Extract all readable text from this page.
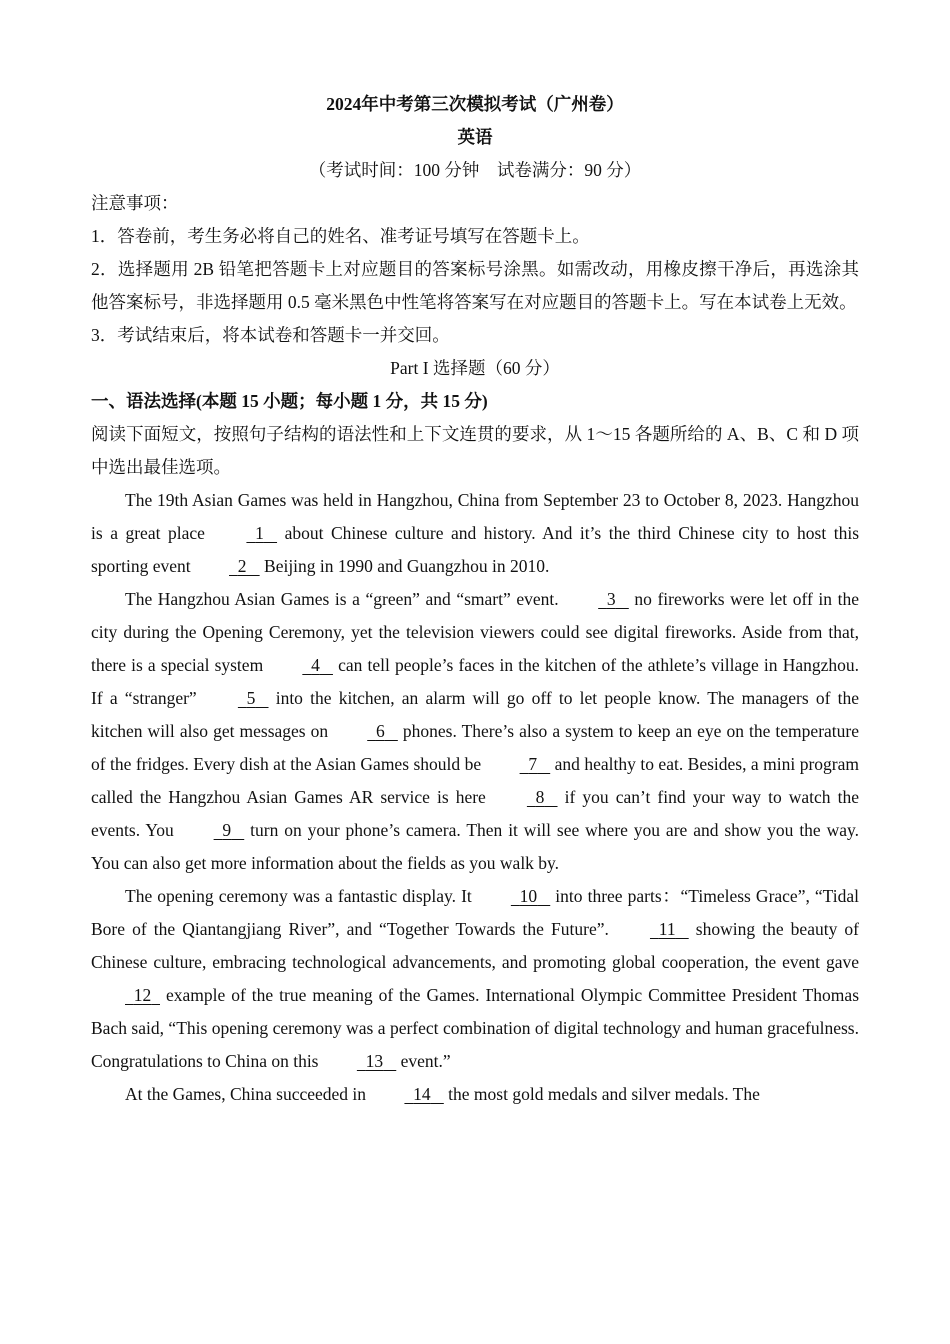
2024年中考第三次模拟考试（广州卷）

英语

（考试时间：100 分钟    试卷满分：90 分）

注意事项：

1．答卷前，考生务必将自己的姓名、准考证号填写在答题卡上。

2．选择题用 2B 铅笔把答题卡上对应题目的答案标号涂黑。如需改动，用橡皮擦干净后，再选涂其他答案标号，非选择题用 0.5 毫米黑色中性笔将答案写在对应题目的答题卡上。写在本试卷上无效。

3．考试结束后，将本试卷和答题卡一并交回。

Part I 选择题（60 分）

一、语法选择(本题 15 小题；每小题 1 分，共 15 分)

阅读下面短文，按照句子结构的语法性和上下文连贯的要求，从 1～15 各题所给的 A、B、C 和 D 项中选出最佳选项。

The 19th Asian Games was held in Hangzhou, China from September 23 to October 8, 2023. Hangzhou is a great place   1    about Chinese culture and history. And it’s the third Chinese city to host this sporting event   2    Beijing in 1990 and Guangzhou in 2010.

The Hangzhou Asian Games is a “green” and “smart” event.   3    no fireworks were let off in the city during the Opening Ceremony, yet the television viewers could see digital fireworks. Aside from that, there is a special system   4    can tell people’s faces in the kitchen of the athlete’s village in Hangzhou. If a “stranger”   5    into the kitchen, an alarm will go off to let people know. The managers of the kitchen will also get messages on   6    phones. There’s also a system to keep an eye on the temperature of the fridges. Every dish at the Asian Games should be   7    and healthy to eat. Besides, a mini program called the Hangzhou Asian Games AR service is here   8    if you can’t find your way to watch the events. You   9    turn on your phone’s camera. Then it will see where you are and show you the way. You can also get more information about the fields as you walk by.

The opening ceremony was a fantastic display. It   10    into three parts：“Timeless Grace”, “Tidal Bore of the Qiantangjiang River”, and “Together Towards the Future”.   11    showing the beauty of Chinese culture, embracing technological advancements, and promoting global cooperation, the event gave   12   example of the true meaning of the Games. International Olympic Committee President Thomas Bach said, “This opening ceremony was a perfect combination of digital technology and human gracefulness. Congratulations to China on this   13    event.”

At the Games, China succeeded in   14    the most gold medals and silver medals. The
